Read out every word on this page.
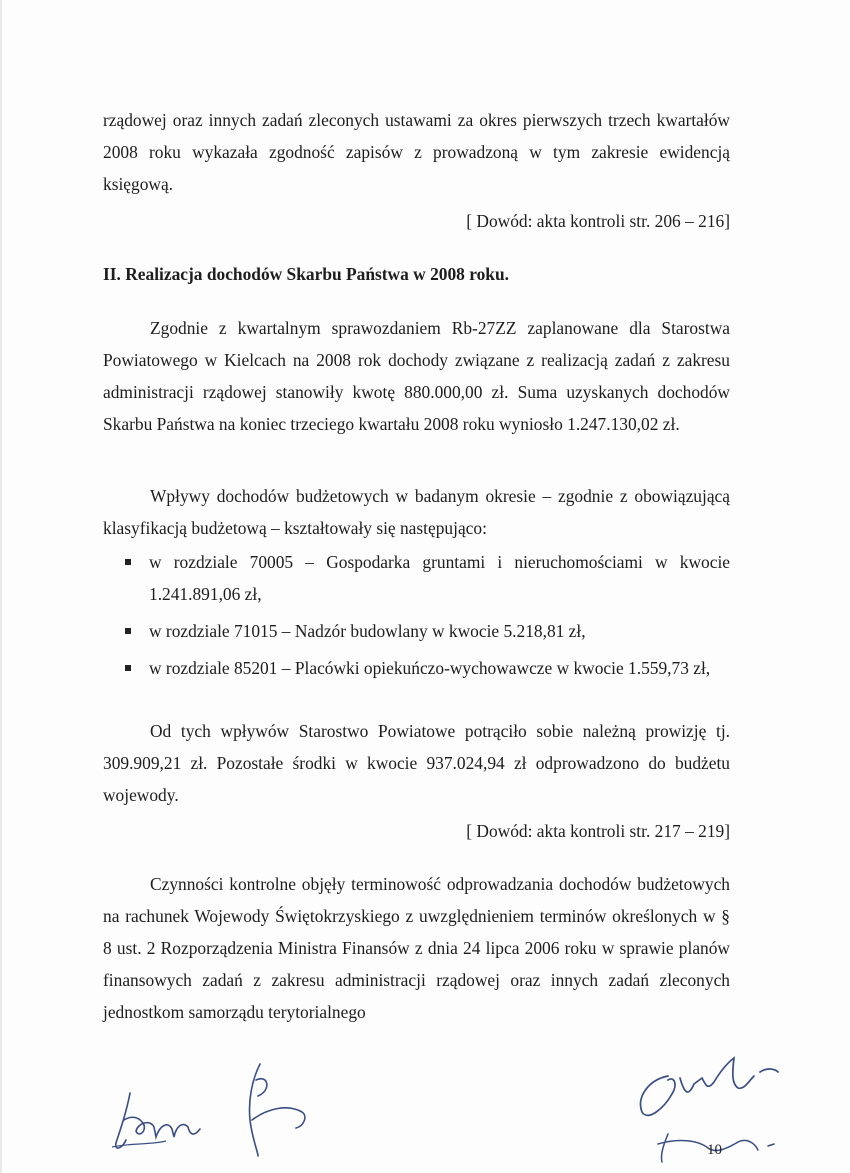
rządowej oraz innych zadań zleconych ustawami za okres pierwszych trzech kwartałów 2008 roku wykazała zgodność zapisów z prowadzoną w tym zakresie ewidencją księgową.
[ Dowód: akta kontroli str. 206 – 216]
II. Realizacja dochodów Skarbu Państwa w 2008 roku.
Zgodnie z kwartalnym sprawozdaniem Rb-27ZZ zaplanowane dla Starostwa Powiatowego w Kielcach na 2008 rok dochody związane z realizacją zadań z zakresu administracji rządowej stanowiły kwotę 880.000,00 zł. Suma uzyskanych dochodów Skarbu Państwa na koniec trzeciego kwartału 2008 roku wyniosło 1.247.130,02 zł.
Wpływy dochodów budżetowych w badanym okresie – zgodnie z obowiązującą klasyfikacją budżetową – kształtowały się następująco:
w rozdziale 70005 – Gospodarka gruntami i nieruchomościami w kwocie 1.241.891,06 zł,
w rozdziale 71015 – Nadzór budowlany w kwocie 5.218,81 zł,
w rozdziale 85201 – Placówki opiekuńczo-wychowawcze w kwocie 1.559,73 zł,
Od tych wpływów Starostwo Powiatowe potrąciło sobie należną prowizję tj. 309.909,21 zł. Pozostałe środki w kwocie 937.024,94 zł odprowadzono do budżetu wojewody.
[ Dowód: akta kontroli str. 217 – 219]
Czynności kontrolne objęły terminowość odprowadzania dochodów budżetowych na rachunek Wojewody Świętokrzyskiego z uwzględnieniem terminów określonych w § 8 ust. 2 Rozporządzenia Ministra Finansów z dnia 24 lipca 2006 roku w sprawie planów finansowych zadań z zakresu administracji rządowej oraz innych zadań zleconych jednostkom samorządu terytorialnego
10
